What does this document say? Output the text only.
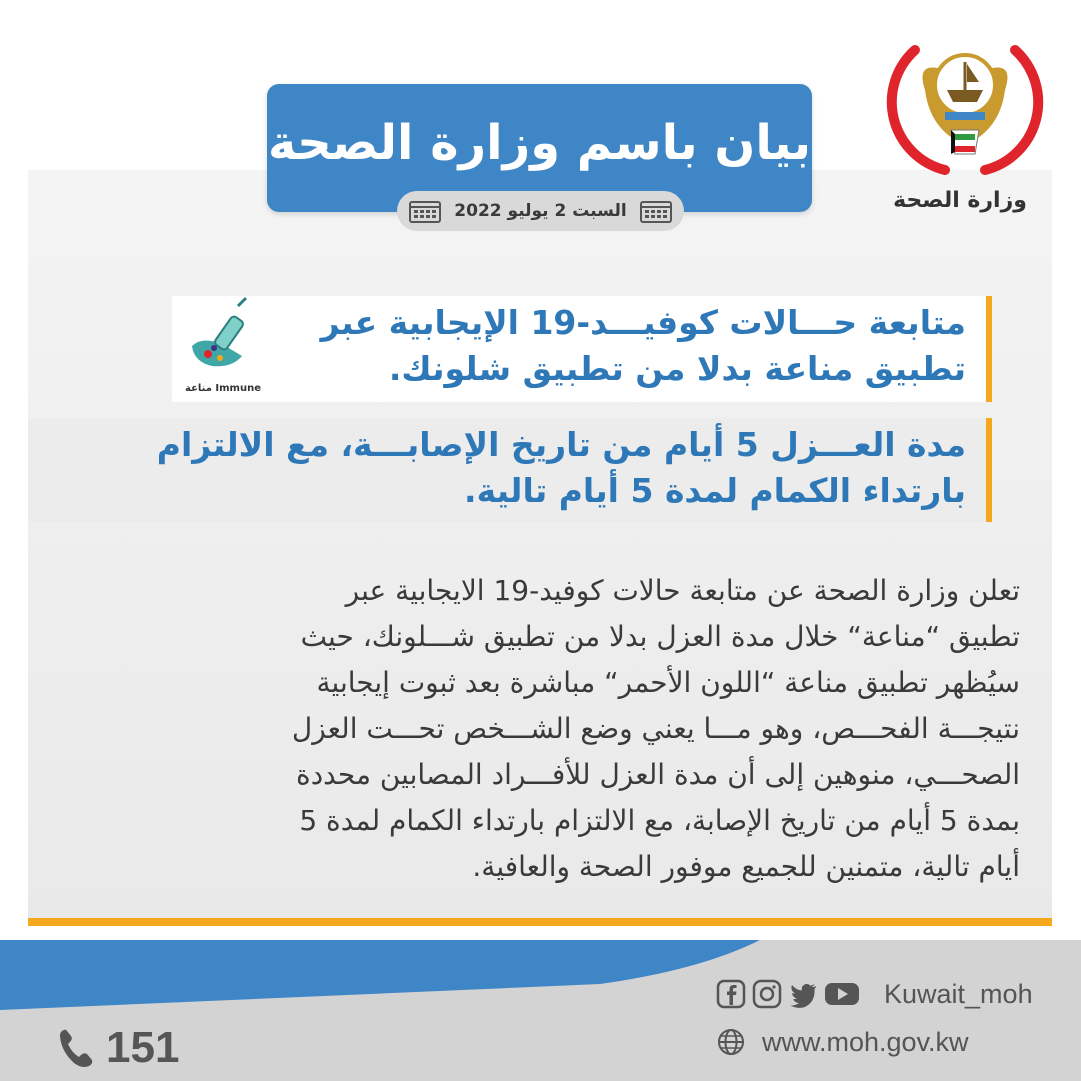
وزارة الصحة
بيان باسم وزارة الصحة
السبت 2 يوليو 2022
متابعة حـــالات كوفيـــد-19 الإيجابية عبر
تطبيق مناعة بدلا من تطبيق شلونك.
مناعة Immune
مدة العـــزل 5 أيام من تاريخ الإصابـــة، مع الالتزام
بارتداء الكمام لمدة 5 أيام تالية.
تعلن وزارة الصحة عن متابعة حالات كوفيد-19 الايجابية عبر
تطبيق “مناعة“ خلال مدة العزل بدلا من تطبيق شـــلونك، حيث
سيُظهر تطبيق مناعة “اللون الأحمر“ مباشرة بعد ثبوت إيجابية
نتيجـــة الفحـــص، وهو مـــا يعني وضع الشـــخص تحـــت العزل
الصحـــي، منوهين إلى أن مدة العزل للأفـــراد المصابين محددة
بمدة 5 أيام من تاريخ الإصابة، مع الالتزام بارتداء الكمام لمدة 5
أيام تالية، متمنين للجميع موفور الصحة والعافية.
Kuwait_moh
www.moh.gov.kw
151
